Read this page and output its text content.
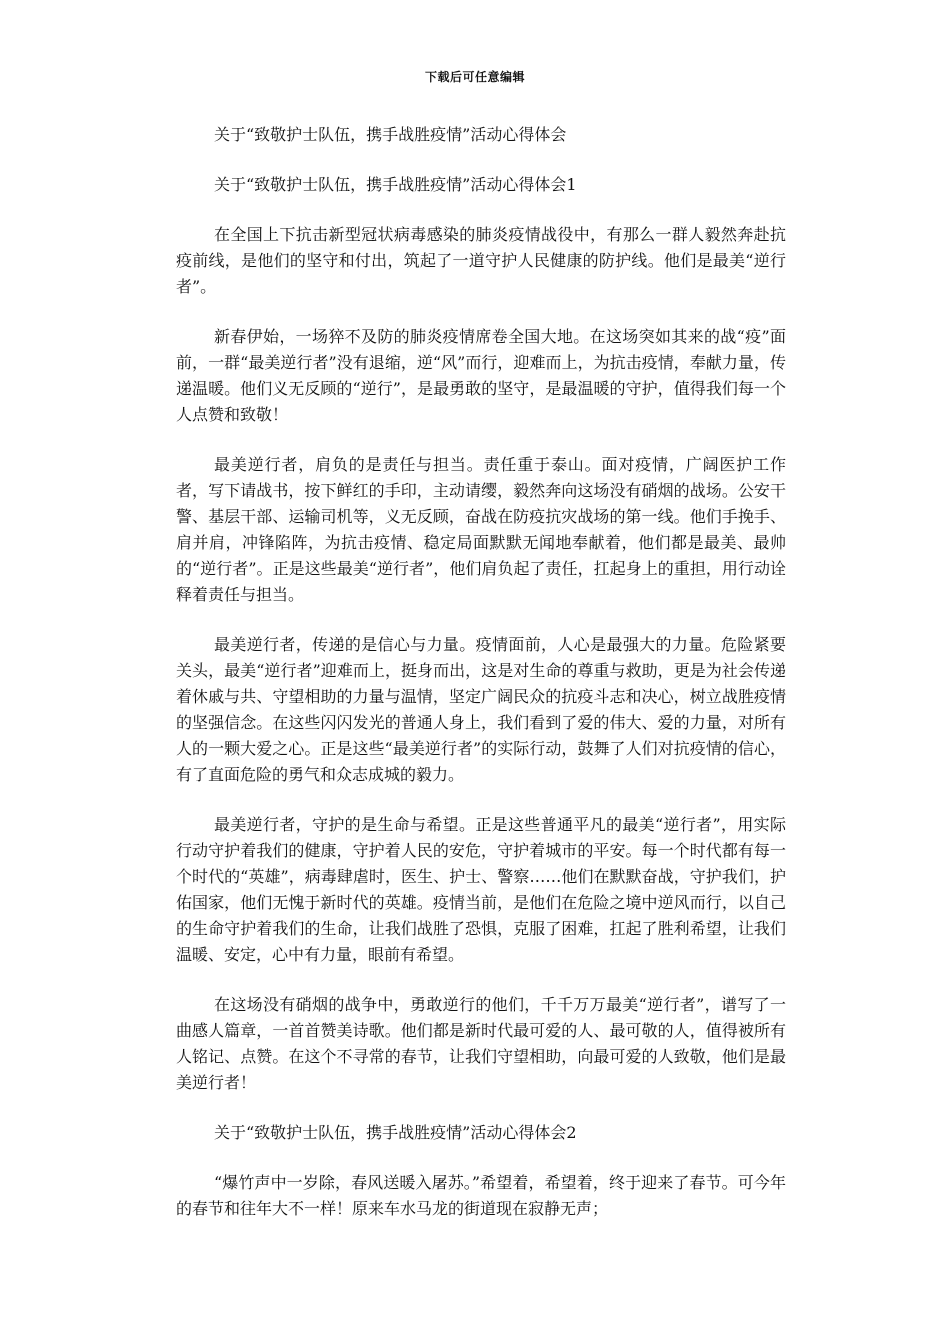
下载后可任意编辑
关于“致敬护士队伍，携手战胜疫情”活动心得体会
关于“致敬护士队伍，携手战胜疫情”活动心得体会1

在全国上下抗击新型冠状病毒感染的肺炎疫情战役中，有那么一群人毅然奔赴抗疫前线，是他们的坚守和付出，筑起了一道守护人民健康的防护线。他们是最美“逆行者”。

新春伊始，一场猝不及防的肺炎疫情席卷全国大地。在这场突如其来的战“疫”面前，一群“最美逆行者”没有退缩，逆“风”而行，迎难而上，为抗击疫情，奉献力量，传递温暖。他们义无反顾的“逆行”，是最勇敢的坚守，是最温暖的守护，值得我们每一个人点赞和致敬！

最美逆行者，肩负的是责任与担当。责任重于泰山。面对疫情，广阔医护工作者，写下请战书，按下鲜红的手印，主动请缨，毅然奔向这场没有硝烟的战场。公安干警、基层干部、运输司机等，义无反顾，奋战在防疫抗灾战场的第一线。他们手挽手、肩并肩，冲锋陷阵，为抗击疫情、稳定局面默默无闻地奉献着，他们都是最美、最帅的“逆行者”。正是这些最美“逆行者”，他们肩负起了责任，扛起身上的重担，用行动诠释着责任与担当。

最美逆行者，传递的是信心与力量。疫情面前，人心是最强大的力量。危险紧要关头，最美“逆行者”迎难而上，挺身而出，这是对生命的尊重与救助，更是为社会传递着休戚与共、守望相助的力量与温情，坚定广阔民众的抗疫斗志和决心，树立战胜疫情的坚强信念。在这些闪闪发光的普通人身上，我们看到了爱的伟大、爱的力量，对所有人的一颗大爱之心。正是这些“最美逆行者”的实际行动，鼓舞了人们对抗疫情的信心，有了直面危险的勇气和众志成城的毅力。

最美逆行者，守护的是生命与希望。正是这些普通平凡的最美“逆行者”，用实际行动守护着我们的健康，守护着人民的安危，守护着城市的平安。每一个时代都有每一个时代的“英雄”，病毒肆虐时，医生、护士、警察……他们在默默奋战，守护我们，护佑国家，他们无愧于新时代的英雄。疫情当前，是他们在危险之境中逆风而行，以自己的生命守护着我们的生命，让我们战胜了恐惧，克服了困难，扛起了胜利希望，让我们温暖、安定，心中有力量，眼前有希望。

在这场没有硝烟的战争中，勇敢逆行的他们，千千万万最美“逆行者”，谱写了一曲感人篇章，一首首赞美诗歌。他们都是新时代最可爱的人、最可敬的人，值得被所有人铭记、点赞。在这个不寻常的春节，让我们守望相助，向最可爱的人致敬，他们是最美逆行者！

关于“致敬护士队伍，携手战胜疫情”活动心得体会2

“爆竹声中一岁除，春风送暖入屠苏。”希望着，希望着，终于迎来了春节。可今年的春节和往年大不一样！原来车水马龙的街道现在寂静无声；
